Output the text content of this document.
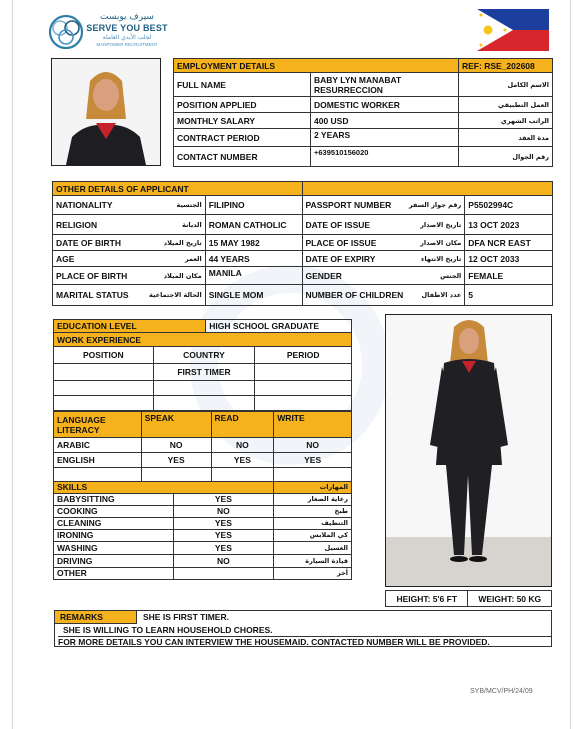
سيرف يوبست
SERVE YOU BEST
لجلب الأيدي العاملة
MANPOWER RECRUITMENT
EMPLOYMENT DETAILS		REF: RSE_202608
FULL NAME	BABY LYN MANABAT RESURRECCION	الاسم الكامل
POSITION APPLIED	DOMESTIC WORKER	العمل التطبيقي
MONTHLY SALARY	400 USD	الراتب الشهري
CONTRACT PERIOD	2 YEARS	مدة العقد
CONTACT NUMBER	+639510156020	رقم الجوال
OTHER DETAILS OF APPLICANT			

NATIONALITY الجنسية	FILIPINO	PASSPORT NUMBER رقم جواز السفر	P5502994C

RELIGION الديانة	ROMAN CATHOLIC	DATE OF ISSUE تاريخ الاصدار	13 OCT 2023

DATE OF BIRTH تاريخ الميلاد	15 MAY 1982	PLACE OF ISSUE مكان الاصدار	DFA NCR EAST

AGE العمر	44 YEARS	DATE OF EXPIRY تاريخ الانتهاء	12 OCT 2033

PLACE OF BIRTH مكان الميلاد	MANILA	GENDER الجنس	FEMALE

MARITAL STATUS الحالة الاجتماعية	SINGLE MOM	NUMBER OF CHILDREN عدد الاطفال	5
EDUCATION LEVEL	HIGH SCHOOL GRADUATE
WORK EXPERIENCE		
POSITION	COUNTRY	PERIOD
	FIRST TIMER	

LANGUAGE
LITERACY	SPEAK	READ	WRITE
ARABIC	NO	NO	NO
ENGLISH	YES	YES	YES

SKILLS		المهارات
BABYSITTING	YES	رعاية الصغار
COOKING	NO	طبخ
CLEANING	YES	التنظيف
IRONING	YES	كي الملابس
WASHING	YES	الغسيل
DRIVING	NO	قيادة السيارة
OTHER		أخر
HEIGHT: 5'6 FT	WEIGHT: 50 KG
REMARKS	SHE IS FIRST TIMER.
SHE IS WILLING TO LEARN HOUSEHOLD CHORES.
FOR MORE DETAILS YOU CAN INTERVIEW THE HOUSEMAID. CONTACTED NUMBER WILL BE PROVIDED.
SYB/MCV/PH/24/09
